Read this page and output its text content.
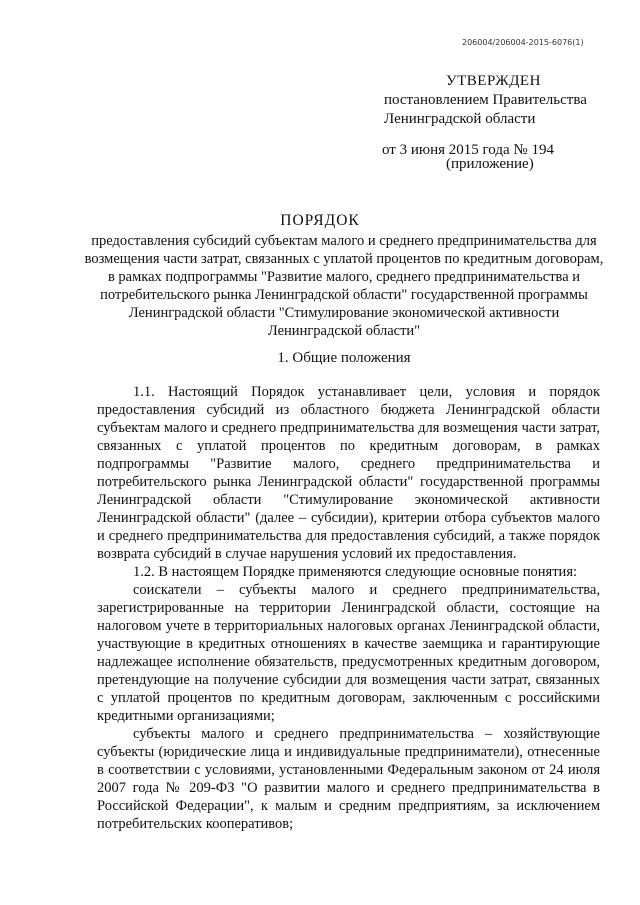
206004/206004-2015-6076(1)
УТВЕРЖДЕН
постановлением Правительства
Ленинградской области
от 3 июня 2015 года № 194
(приложение)
ПОРЯДОК
предоставления субсидий субъектам малого и среднего предпринимательства для возмещения части затрат, связанных с уплатой процентов по кредитным договорам, в рамках подпрограммы "Развитие малого, среднего предпринимательства и потребительского рынка Ленинградской области" государственной программы Ленинградской области "Стимулирование экономической активности Ленинградской области"
1. Общие положения

1.1. Настоящий Порядок устанавливает цели, условия и порядок предоставления субсидий из областного бюджета Ленинградской области субъектам малого и среднего предпринимательства для возмещения части затрат, связанных с уплатой процентов по кредитным договорам, в рамках подпрограммы "Развитие малого, среднего предпринимательства и потребительского рынка Ленинградской области" государственной программы Ленинградской области "Стимулирование экономической активности Ленинградской области" (далее – субсидии), критерии отбора субъектов малого и среднего предпринимательства для предоставления субсидий, а также порядок возврата субсидий в случае нарушения условий их предоставления.

1.2. В настоящем Порядке применяются следующие основные понятия:

соискатели – субъекты малого и среднего предпринимательства, зарегистрированные на территории Ленинградской области, состоящие на налоговом учете в территориальных налоговых органах Ленинградской области, участвующие в кредитных отношениях в качестве заемщика и гарантирующие надлежащее исполнение обязательств, предусмотренных кредитным договором, претендующие на получение субсидии для возмещения части затрат, связанных с уплатой процентов по кредитным договорам, заключенным с российскими кредитными организациями;

субъекты малого и среднего предпринимательства – хозяйствующие субъекты (юридические лица и индивидуальные предприниматели), отнесенные в соответствии с условиями, установленными Федеральным законом от 24 июля 2007 года № 209-ФЗ "О развитии малого и среднего предпринимательства в Российской Федерации", к малым и средним предприятиям, за исключением потребительских кооперативов;
